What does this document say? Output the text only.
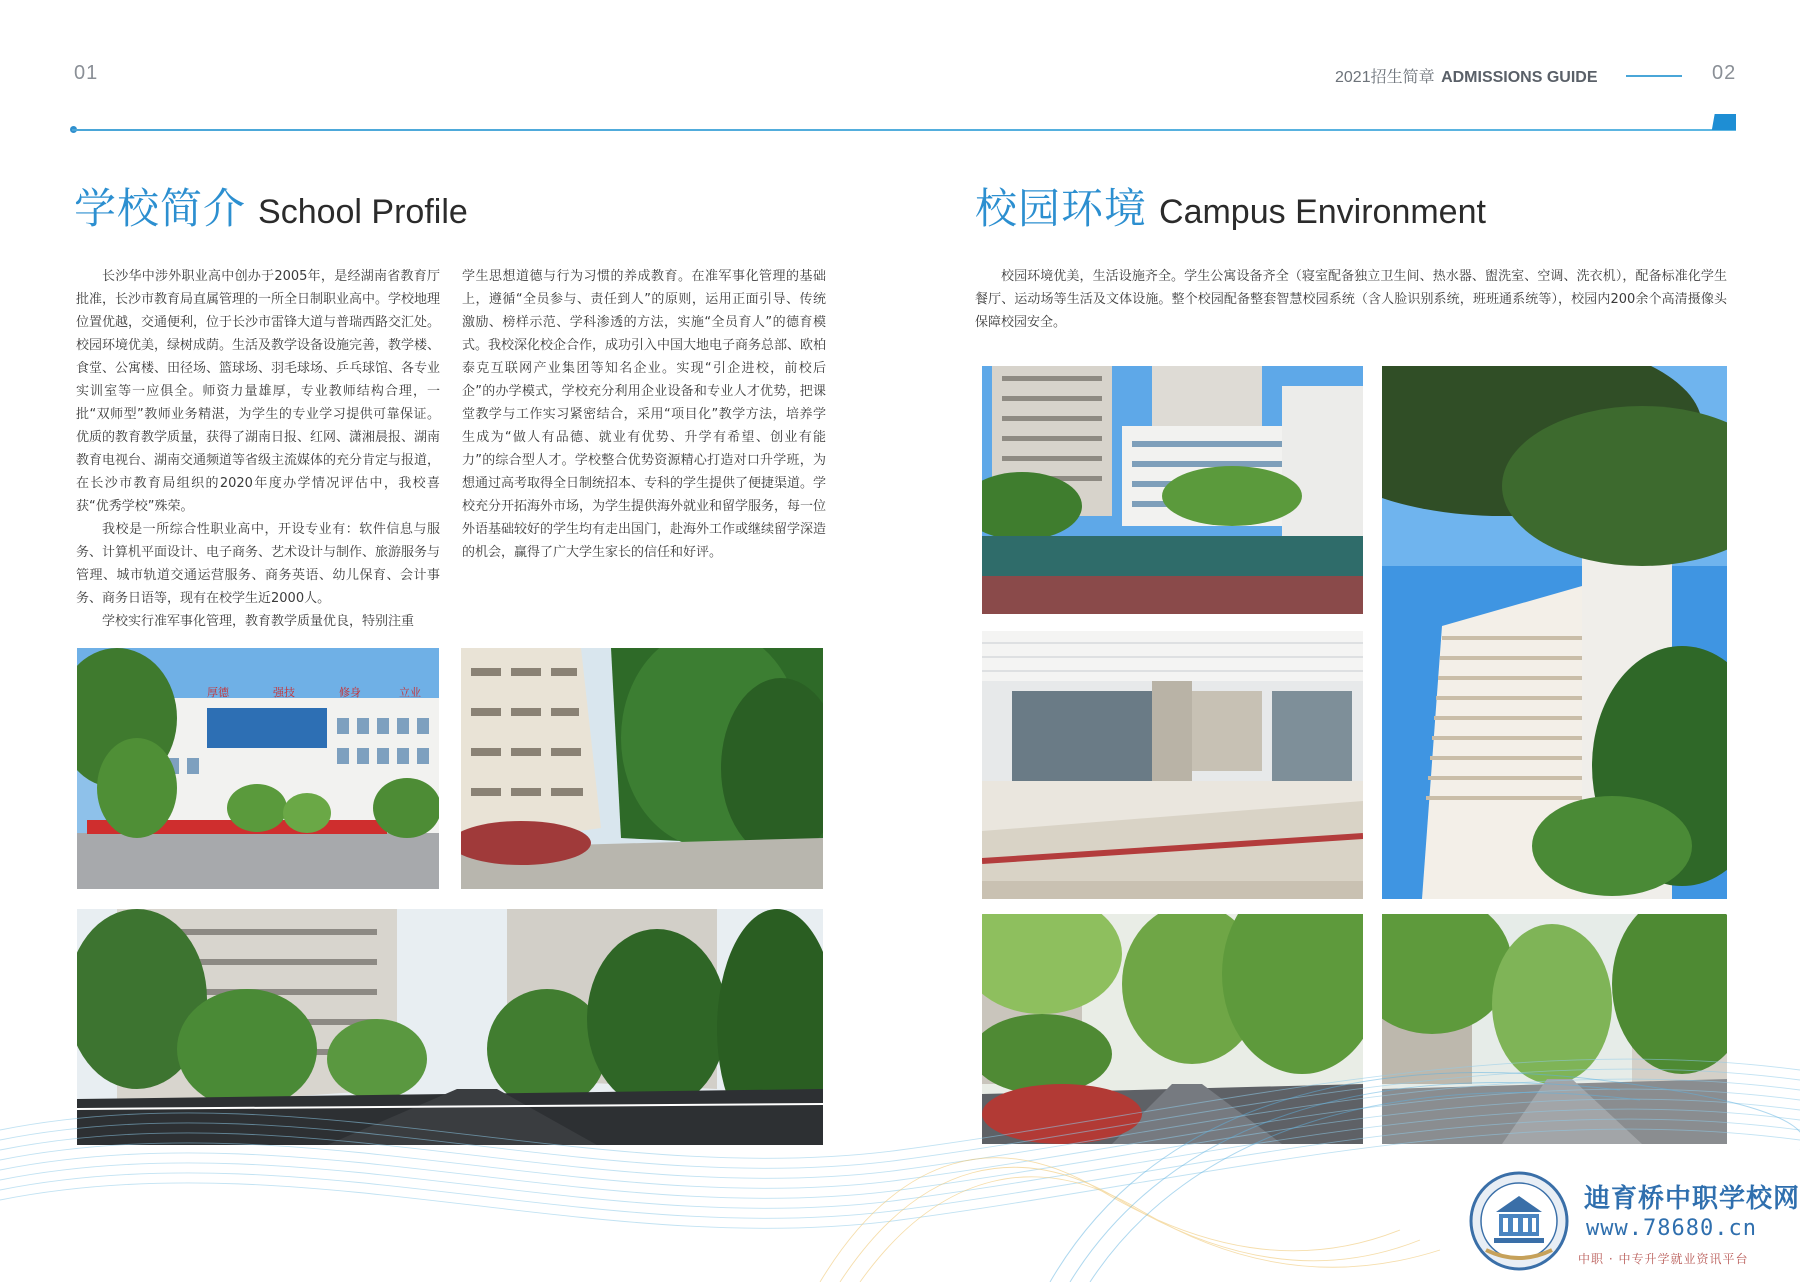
01	2021招生简章 ADMISSIONS GUIDE	02
学校简介 School Profile

长沙华中涉外职业高中创办于2005年，是经湖南省教育厅批准，长沙市教育局直属管理的一所全日制职业高中。学校地理位置优越，交通便利，位于长沙市雷锋大道与普瑞西路交汇处。校园环境优美，绿树成荫。生活及教学设备设施完善，教学楼、食堂、公寓楼、田径场、篮球场、羽毛球场、乒乓球馆、各专业实训室等一应俱全。师资力量雄厚，专业教师结构合理，一批“双师型”教师业务精湛，为学生的专业学习提供可靠保证。优质的教育教学质量，获得了湖南日报、红网、潇湘晨报、湖南教育电视台、湖南交通频道等省级主流媒体的充分肯定与报道，在长沙市教育局组织的2020年度办学情况评估中，我校喜获“优秀学校”殊荣。

我校是一所综合性职业高中，开设专业有：软件信息与服务、计算机平面设计、电子商务、艺术设计与制作、旅游服务与管理、城市轨道交通运营服务、商务英语、幼儿保育、会计事务、商务日语等，现有在校学生近2000人。

学校实行准军事化管理，教育教学质量优良，特别注重

学生思想道德与行为习惯的养成教育。在准军事化管理的基础上，遵循“全员参与、责任到人”的原则，运用正面引导、传统激励、榜样示范、学科渗透的方法，实施“全员育人”的德育模式。我校深化校企合作，成功引入中国大地电子商务总部、欧柏泰克互联网产业集团等知名企业。实现“引企进校，前校后企”的办学模式，学校充分利用企业设备和专业人才优势，把课堂教学与工作实习紧密结合，采用“项目化”教学方法，培养学生成为“做人有品德、就业有优势、升学有希望、创业有能力”的综合型人才。学校整合优势资源精心打造对口升学班，为想通过高考取得全日制统招本、专科的学生提供了便捷渠道。学校充分开拓海外市场，为学生提供海外就业和留学服务，每一位外语基础较好的学生均有走出国门，赴海外工作或继续留学深造的机会，赢得了广大学生家长的信任和好评。
厚德	强技	修身	立业
校园环境 Campus Environment

校园环境优美，生活设施齐全。学生公寓设备齐全（寝室配备独立卫生间、热水器、盥洗室、空调、洗衣机），配备标准化学生餐厅、运动场等生活及文体设施。整个校园配备整套智慧校园系统（含人脸识别系统，班班通系统等），校园内200余个高清摄像头保障校园安全。

迪育桥中职学校网
www.78680.cn
中职 · 中专升学就业资讯平台
